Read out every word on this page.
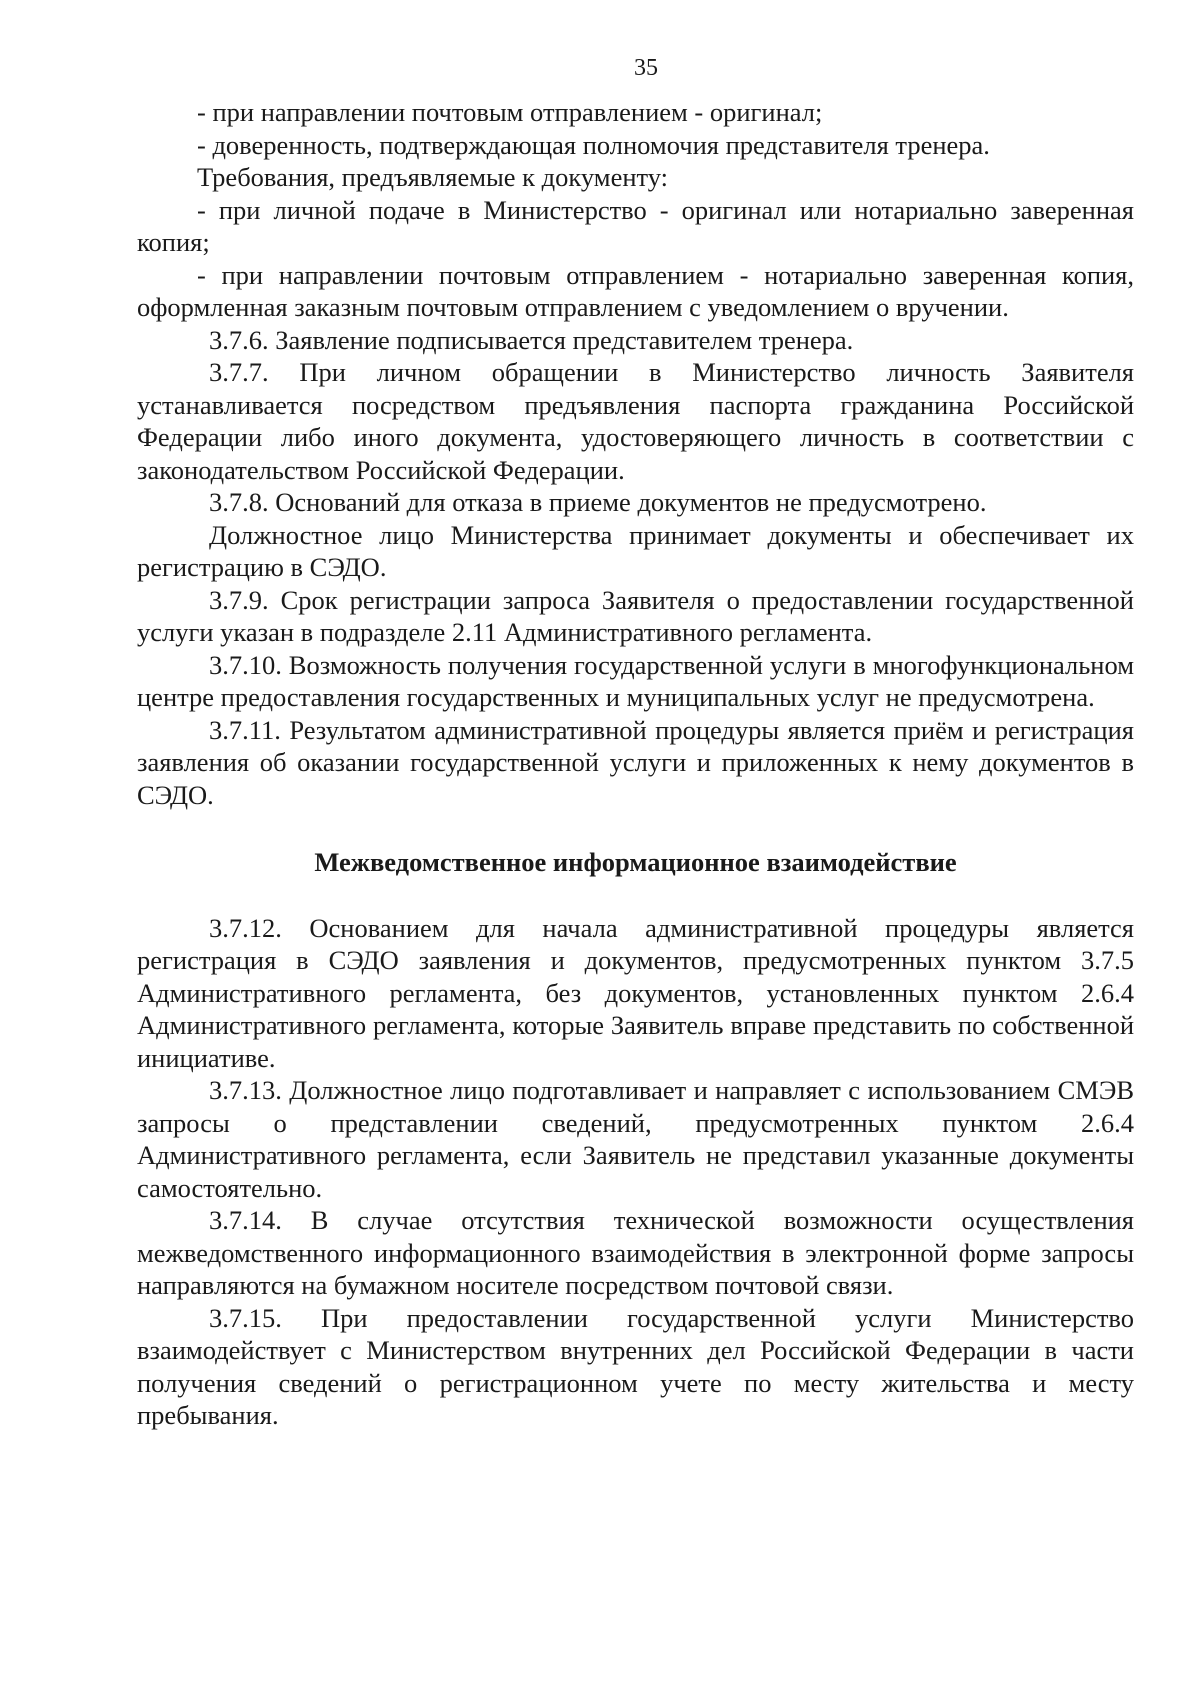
35

- при направлении почтовым отправлением - оригинал;

- доверенность, подтверждающая полномочия представителя тренера.

Требования, предъявляемые к документу:

- при личной подаче в Министерство - оригинал или нотариально заверенная копия;

- при направлении почтовым отправлением - нотариально заверенная копия, оформленная заказным почтовым отправлением с уведомлением о вручении.

3.7.6. Заявление подписывается представителем тренера.

3.7.7. При личном обращении в Министерство личность Заявителя устанавливается посредством предъявления паспорта гражданина Российской Федерации либо иного документа, удостоверяющего личность в соответствии с законодательством Российской Федерации.

3.7.8. Оснований для отказа в приеме документов не предусмотрено.

Должностное лицо Министерства принимает документы и обеспечивает их регистрацию в СЭДО.

3.7.9. Срок регистрации запроса Заявителя о предоставлении государственной услуги указан в подразделе 2.11 Административного регламента.

3.7.10. Возможность получения государственной услуги в многофункциональном центре предоставления государственных и муниципальных услуг не предусмотрена.

3.7.11. Результатом административной процедуры является приём и регистрация заявления об оказании государственной услуги и приложенных к нему документов в СЭДО.

Межведомственное информационное взаимодействие

3.7.12. Основанием для начала административной процедуры является регистрация в СЭДО заявления и документов, предусмотренных пунктом 3.7.5 Административного регламента, без документов, установленных пунктом 2.6.4 Административного регламента, которые Заявитель вправе представить по собственной инициативе.

3.7.13. Должностное лицо подготавливает и направляет с использованием СМЭВ запросы о представлении сведений, предусмотренных пунктом 2.6.4 Административного регламента, если Заявитель не представил указанные документы самостоятельно.

3.7.14. В случае отсутствия технической возможности осуществления межведомственного информационного взаимодействия в электронной форме запросы направляются на бумажном носителе посредством почтовой связи.

3.7.15. При предоставлении государственной услуги Министерство взаимодействует с Министерством внутренних дел Российской Федерации в части получения сведений о регистрационном учете по месту жительства и месту пребывания.
